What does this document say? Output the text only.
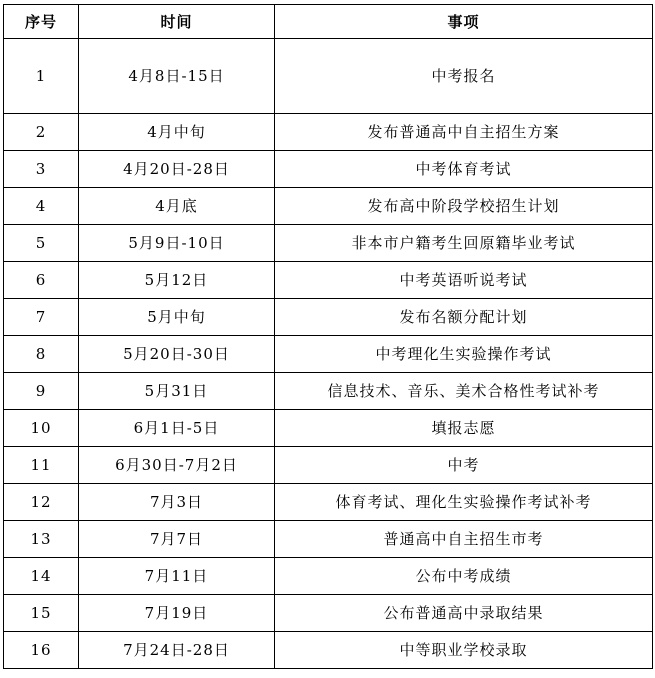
序号	时间	事项
1	4月8日-15日	中考报名
2	4月中旬	发布普通高中自主招生方案
3	4月20日-28日	中考体育考试
4	4月底	发布高中阶段学校招生计划
5	5月9日-10日	非本市户籍考生回原籍毕业考试
6	5月12日	中考英语听说考试
7	5月中旬	发布名额分配计划
8	5月20日-30日	中考理化生实验操作考试
9	5月31日	信息技术、音乐、美术合格性考试补考
10	6月1日-5日	填报志愿
11	6月30日-7月2日	中考
12	7月3日	体育考试、理化生实验操作考试补考
13	7月7日	普通高中自主招生市考
14	7月11日	公布中考成绩
15	7月19日	公布普通高中录取结果
16	7月24日-28日	中等职业学校录取
